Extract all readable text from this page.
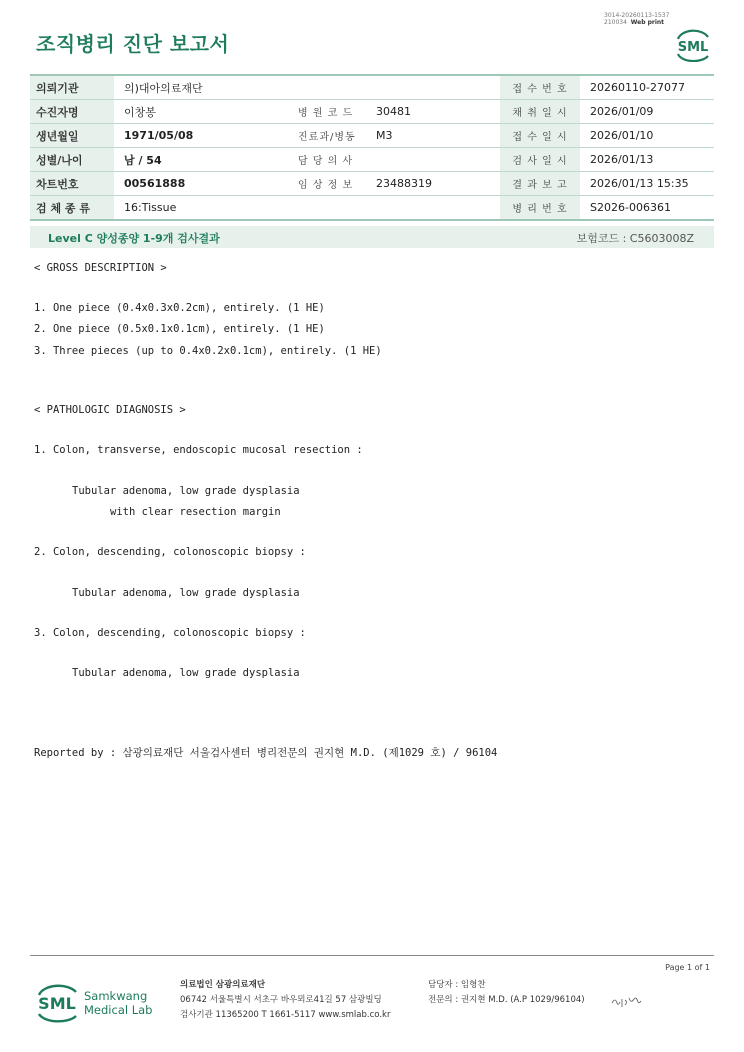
조직병리 진단 보고서
3014-20260113-1537
210034 Web print
SML
의뢰기관	의)대아의료재단			접 수 번 호	20260110-27077
수진자명	이창봉	병 원 코 드	30481	채 취 일 시	2026/01/09
생년월일	1971/05/08	진료과/병동	M3	접 수 일 시	2026/01/10
성별/나이	남 / 54	담 당 의 사		검 사 일 시	2026/01/13
차트번호	00561888	임 상 정 보	23488319	결 과 보 고	2026/01/13 15:35
검 체 종 류	16:Tissue			병 리 번 호	S2026-006361
Level C 양성종양 1-9개 검사결과	보험코드 : C5603008Z
< GROSS DESCRIPTION >
1. One piece (0.4x0.3x0.2cm), entirely. (1 HE)
2. One piece (0.5x0.1x0.1cm), entirely. (1 HE)
3. Three pieces (up to 0.4x0.2x0.1cm), entirely. (1 HE)
< PATHOLOGIC DIAGNOSIS >
1. Colon, transverse, endoscopic mucosal resection :
Tubular adenoma, low grade dysplasia
with clear resection margin
2. Colon, descending, colonoscopic biopsy :
Tubular adenoma, low grade dysplasia
3. Colon, descending, colonoscopic biopsy :
Tubular adenoma, low grade dysplasia
Reported by : 삼광의료재단 서울검사센터 병리전문의 권지현 M.D. (제1029 호) / 96104
Page 1 of 1
SML Samkwang
Medical Lab
의료법인 삼광의료재단
06742 서울특별시 서초구 바우뫼로41길 57 삼광빌딩
검사기관 11365200 T 1661-5117 www.smlab.co.kr
담당자 : 임형찬
전문의 : 권지현 M.D. (A.P 1029/96104)
